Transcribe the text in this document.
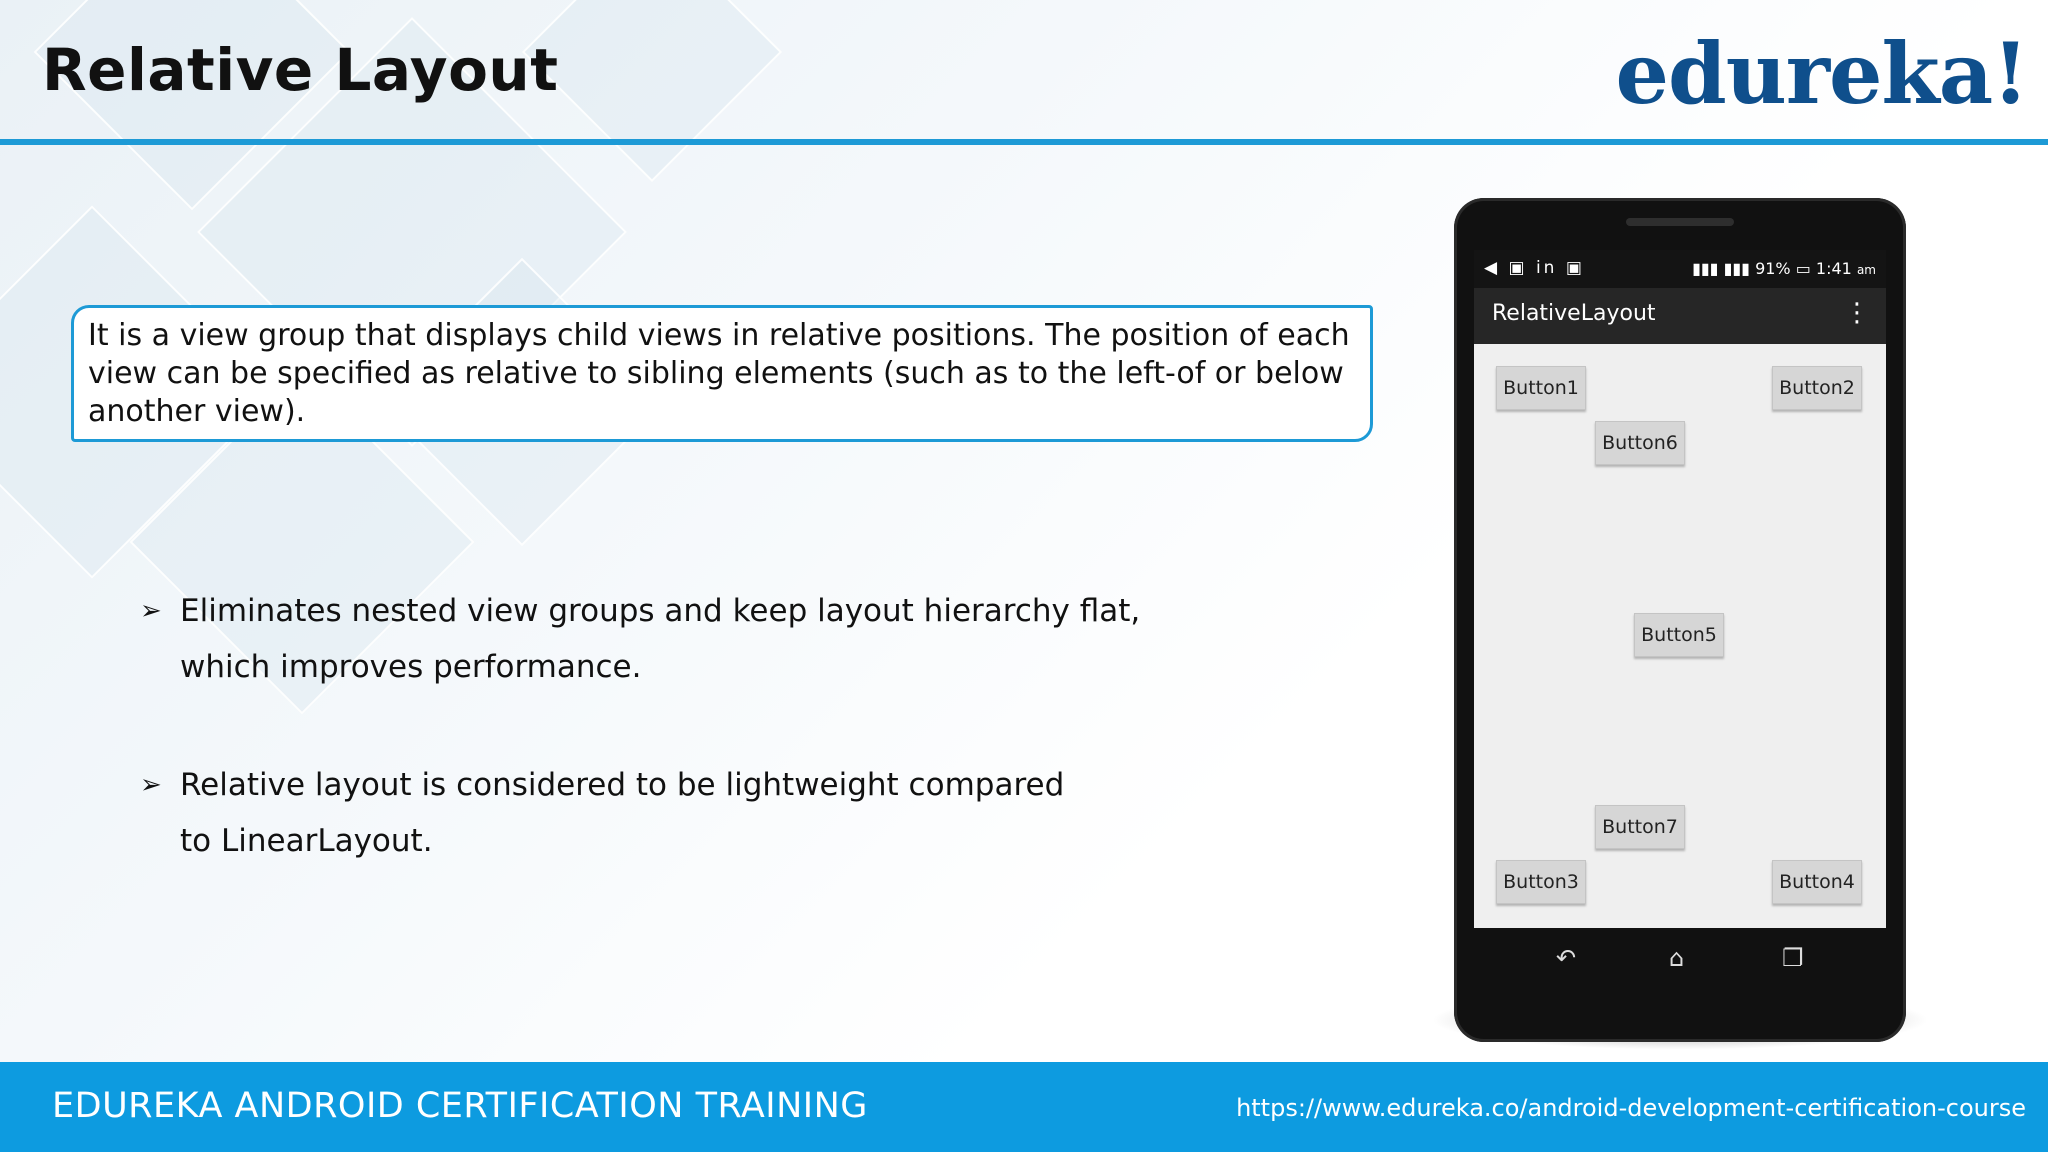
Relative Layout	edureka!

It is a view group that displays child views in relative positions. The position of each view can be specified as relative to sibling elements (such as to the left-of or below another view).

➢ Eliminates nested view groups and keep layout hierarchy flat, which improves performance.
➢ Relative layout is considered to be lightweight compared to LinearLayout.
◀ ▣ in ▣	▮▮▮ ▮▮▮ 91% ▭ 1:41 am
RelativeLayout	⋮
Button1	Button2
Button6
Button5
Button7
Button3	Button4
↶	⌂	❐
EDUREKA ANDROID CERTIFICATION TRAINING	https://www.edureka.co/android-development-certification-course
